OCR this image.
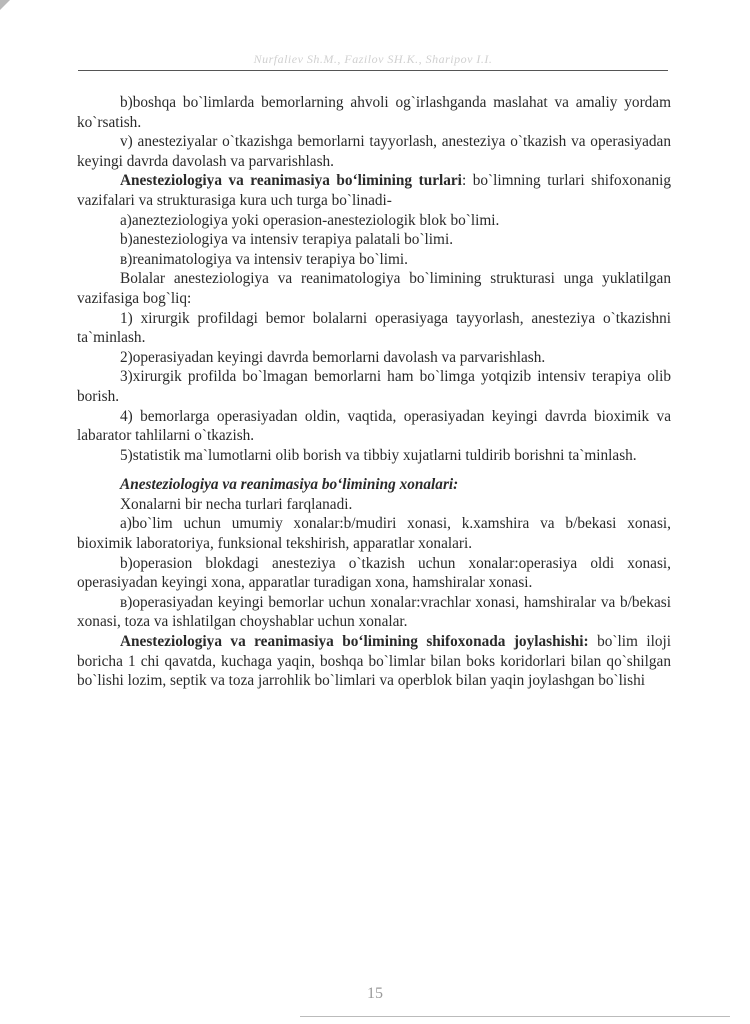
Nurfaliev Sh.M., Fazilov SH.K., Sharipov I.I.

b)boshqa bo`limlarda bemorlarning ahvoli og`irlashganda maslahat va amaliy yordam ko`rsatish.

v) anesteziyalar o`tkazishga bemorlarni tayyorlash, anesteziya o`tkazish va operasiyadan keyingi davrda davolash va parvarishlash.

Anesteziologiya va reanimasiya bo‘limining turlari: bo`limning turlari shifoxonanig vazifalari va strukturasiga kura uch turga bo`linadi-

a)anezteziologiya yoki operasion-anesteziologik blok bo`limi.

b)anesteziologiya va intensiv terapiya palatali bo`limi.

в)reanimatologiya va intensiv terapiya bo`limi.

Bolalar anesteziologiya va reanimatologiya bo`limining strukturasi unga yuklatilgan vazifasiga bog`liq:

1) xirurgik profildagi bemor bolalarni operasiyaga tayyorlash, anesteziya o`tkazishni ta`minlash.

2)operasiyadan keyingi davrda bemorlarni davolash va parvarishlash.

3)xirurgik profilda bo`lmagan bemorlarni ham bo`limga yotqizib intensiv terapiya olib borish.

4) bemorlarga operasiyadan oldin, vaqtida, operasiyadan keyingi davrda bioximik va labarator tahlilarni o`tkazish.

5)statistik ma`lumotlarni olib borish va tibbiy xujatlarni tuldirib borishni ta`minlash.

Anesteziologiya va reanimasiya bo‘limining xonalari:

Xonalarni bir necha turlari farqlanadi.

a)bo`lim uchun umumiy xonalar:b/mudiri xonasi, k.xamshira va b/bekasi xonasi, bioximik laboratoriya, funksional tekshirish, apparatlar xonalari.

b)operasion blokdagi anesteziya o`tkazish uchun xonalar:operasiya oldi xonasi, operasiyadan keyingi xona, apparatlar turadigan xona, hamshiralar xonasi.

в)operasiyadan keyingi bemorlar uchun xonalar:vrachlar xonasi, hamshiralar va b/bekasi xonasi, toza va ishlatilgan choyshablar uchun xonalar.

Anesteziologiya va reanimasiya bo‘limining shifoxonada joylashishi: bo`lim iloji boricha 1 chi qavatda, kuchaga yaqin, boshqa bo`limlar bilan boks koridorlari bilan qo`shilgan bo`lishi lozim, septik va toza jarrohlik bo`limlari va operblok bilan yaqin joylashgan bo`lishi

15
